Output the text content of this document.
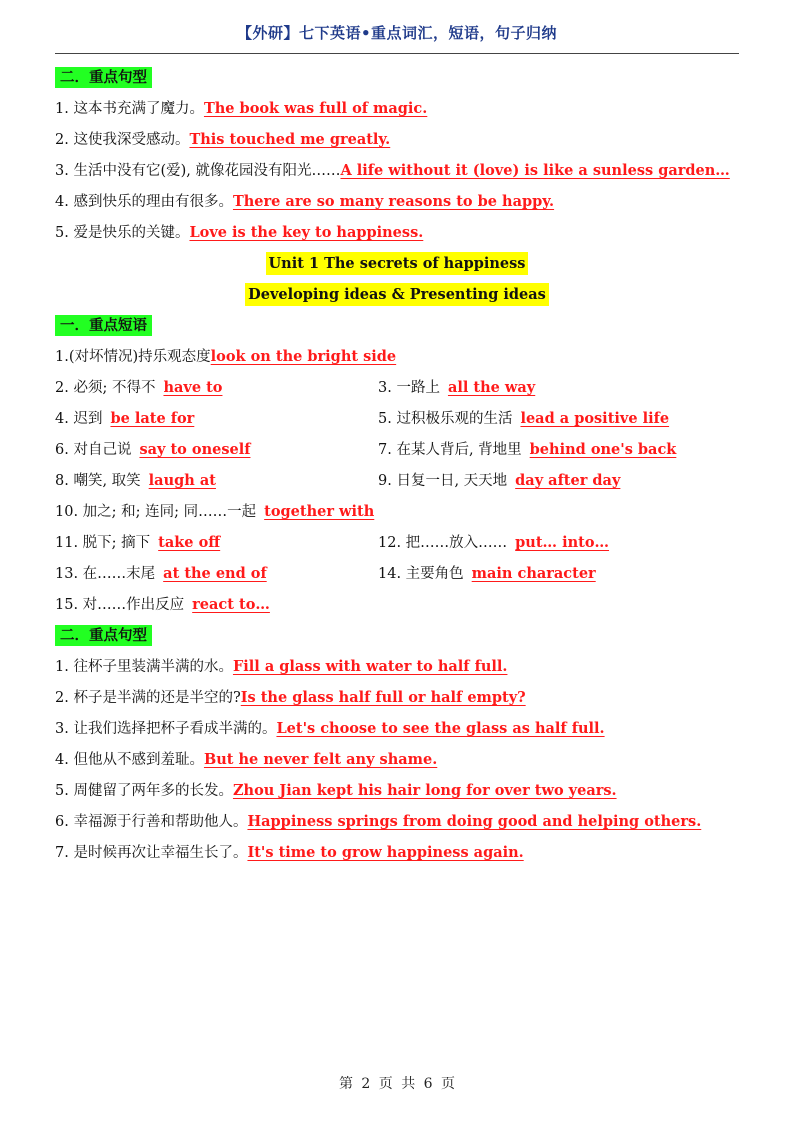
【外研】七下英语•重点词汇，短语，句子归纳
二．重点句型
1. 这本书充满了魔力。The book was full of magic.
2. 这使我深受感动。This touched me greatly.
3. 生活中没有它(爱), 就像花园没有阳光……A life without it (love) is like a sunless garden…
4. 感到快乐的理由有很多。There are so many reasons to be happy.
5. 爱是快乐的关键。Love is the key to happiness.
Unit 1 The secrets of happiness
Developing ideas & Presenting ideas
一．重点短语
1.(对坏情况)持乐观态度look on the bright side
2. 必须; 不得不 have to	3. 一路上 all the way
4. 迟到 be late for	5. 过积极乐观的生活 lead a positive life
6. 对自己说 say to oneself	7. 在某人背后, 背地里 behind one's back
8. 嘲笑, 取笑 laugh at	9. 日复一日, 天天地 day after day
10. 加之; 和; 连同; 同……一起 together with
11. 脱下; 摘下 take off	12. 把……放入…… put… into…
13. 在……末尾 at the end of	14. 主要角色 main character
15. 对……作出反应 react to…
二．重点句型
1. 往杯子里装满半满的水。Fill a glass with water to half full.
2. 杯子是半满的还是半空的?Is the glass half full or half empty?
3. 让我们选择把杯子看成半满的。Let's choose to see the glass as half full.
4. 但他从不感到羞耻。But he never felt any shame.
5. 周健留了两年多的长发。Zhou Jian kept his hair long for over two years.
6. 幸福源于行善和帮助他人。Happiness springs from doing good and helping others.
7. 是时候再次让幸福生长了。It's time to grow happiness again.
第 2 页 共 6 页
